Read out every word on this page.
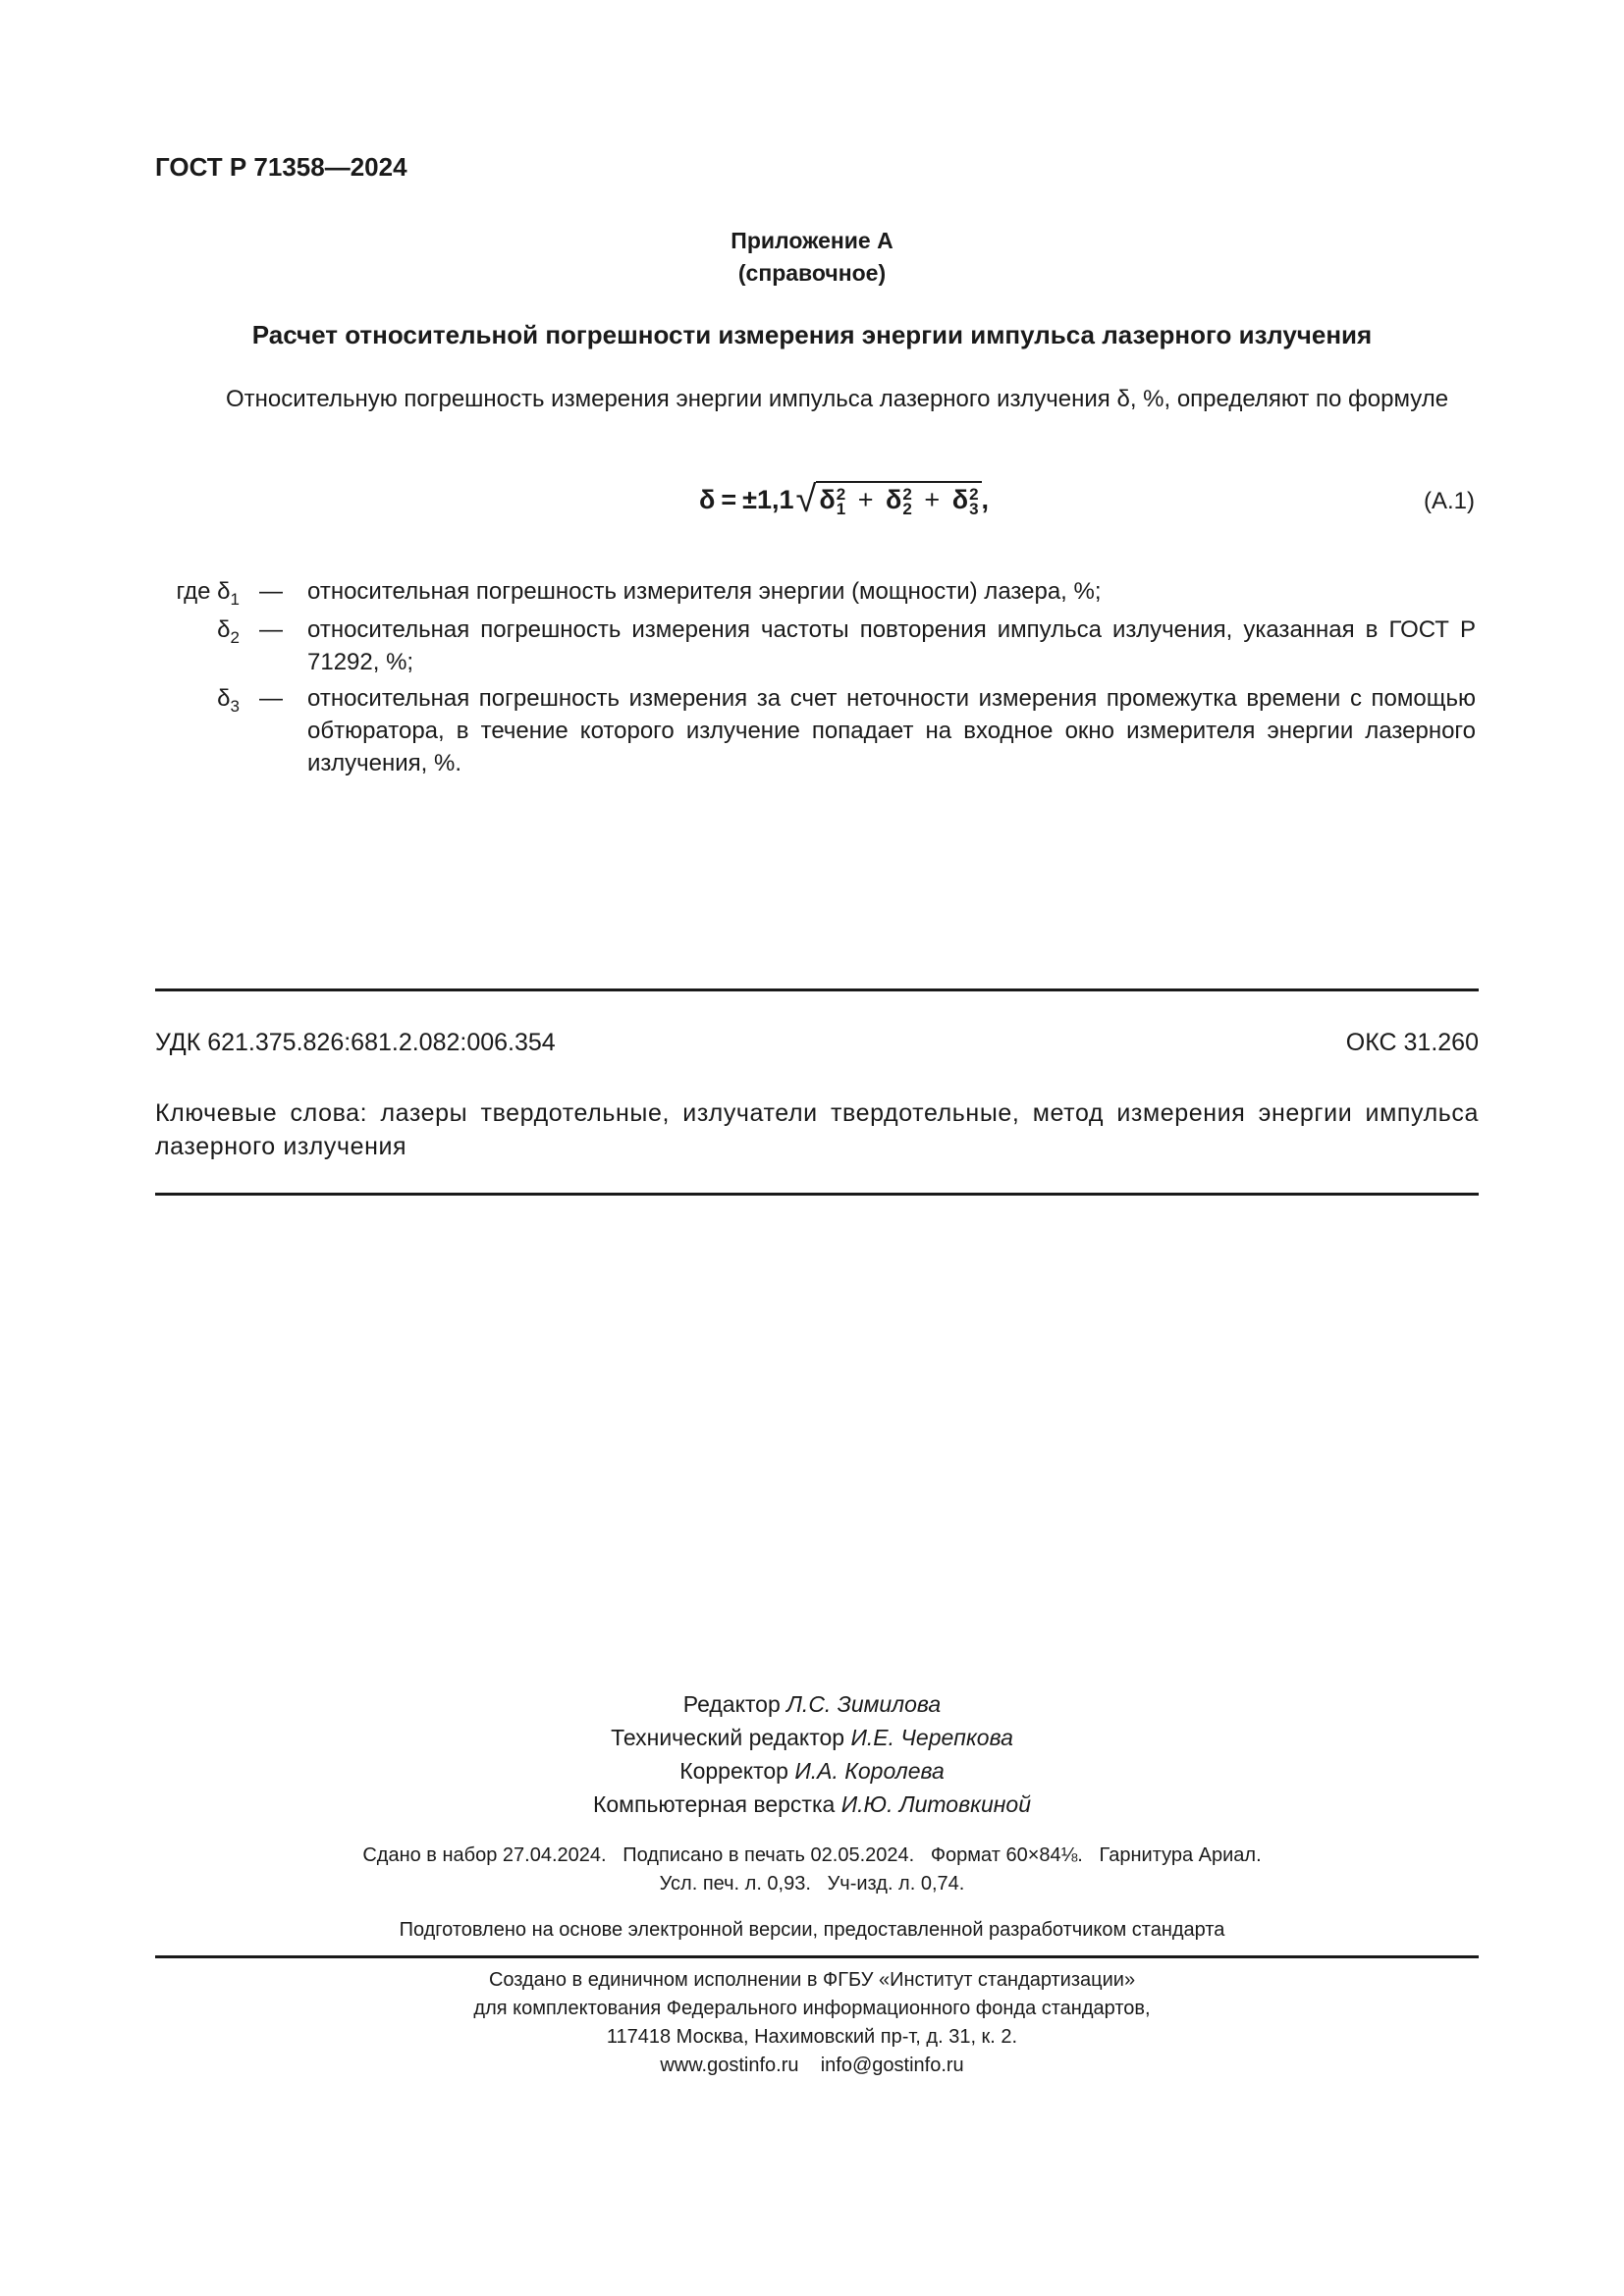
ГОСТ Р 71358—2024
Приложение А
(справочное)
Расчет относительной погрешности измерения энергии импульса лазерного излучения
Относительную погрешность измерения энергии импульса лазерного излучения δ, %, определяют по формуле
δ = ±1,1 √ δ 2
1 + δ 2
2 + δ 2
3 ,	(А.1)
где $\delta_1$ — относительная погрешность измерителя энергии (мощности) лазера, %;
$\delta_2$ — относительная погрешность измерения частоты повторения импульса излучения, указанная в ГОСТ Р 71292, %;
$\delta_3$ — относительная погрешность измерения за счет неточности измерения промежутка времени с помощью обтюратора, в течение которого излучение попадает на входное окно измерителя энергии лазерного излучения, %.
УДК 621.375.826:681.2.082:006.354	ОКС 31.260
Ключевые слова: лазеры твердотельные, излучатели твердотельные, метод измерения энергии импульса лазерного излучения
Редактор Л.С. Зимилова
Технический редактор И.Е. Черепкова
Корректор И.А. Королева
Компьютерная верстка И.Ю. Литовкиной
Сдано в набор 27.04.2024.   Подписано в печать 02.05.2024.   Формат 60×84⅛.   Гарнитура Ариал.
Усл. печ. л. 0,93.   Уч-изд. л. 0,74.
Подготовлено на основе электронной версии, предоставленной разработчиком стандарта
Создано в единичном исполнении в ФГБУ «Институт стандартизации»
для комплектования Федерального информационного фонда стандартов,
117418 Москва, Нахимовский пр-т, д. 31, к. 2.
www.gostinfo.ru    info@gostinfo.ru
